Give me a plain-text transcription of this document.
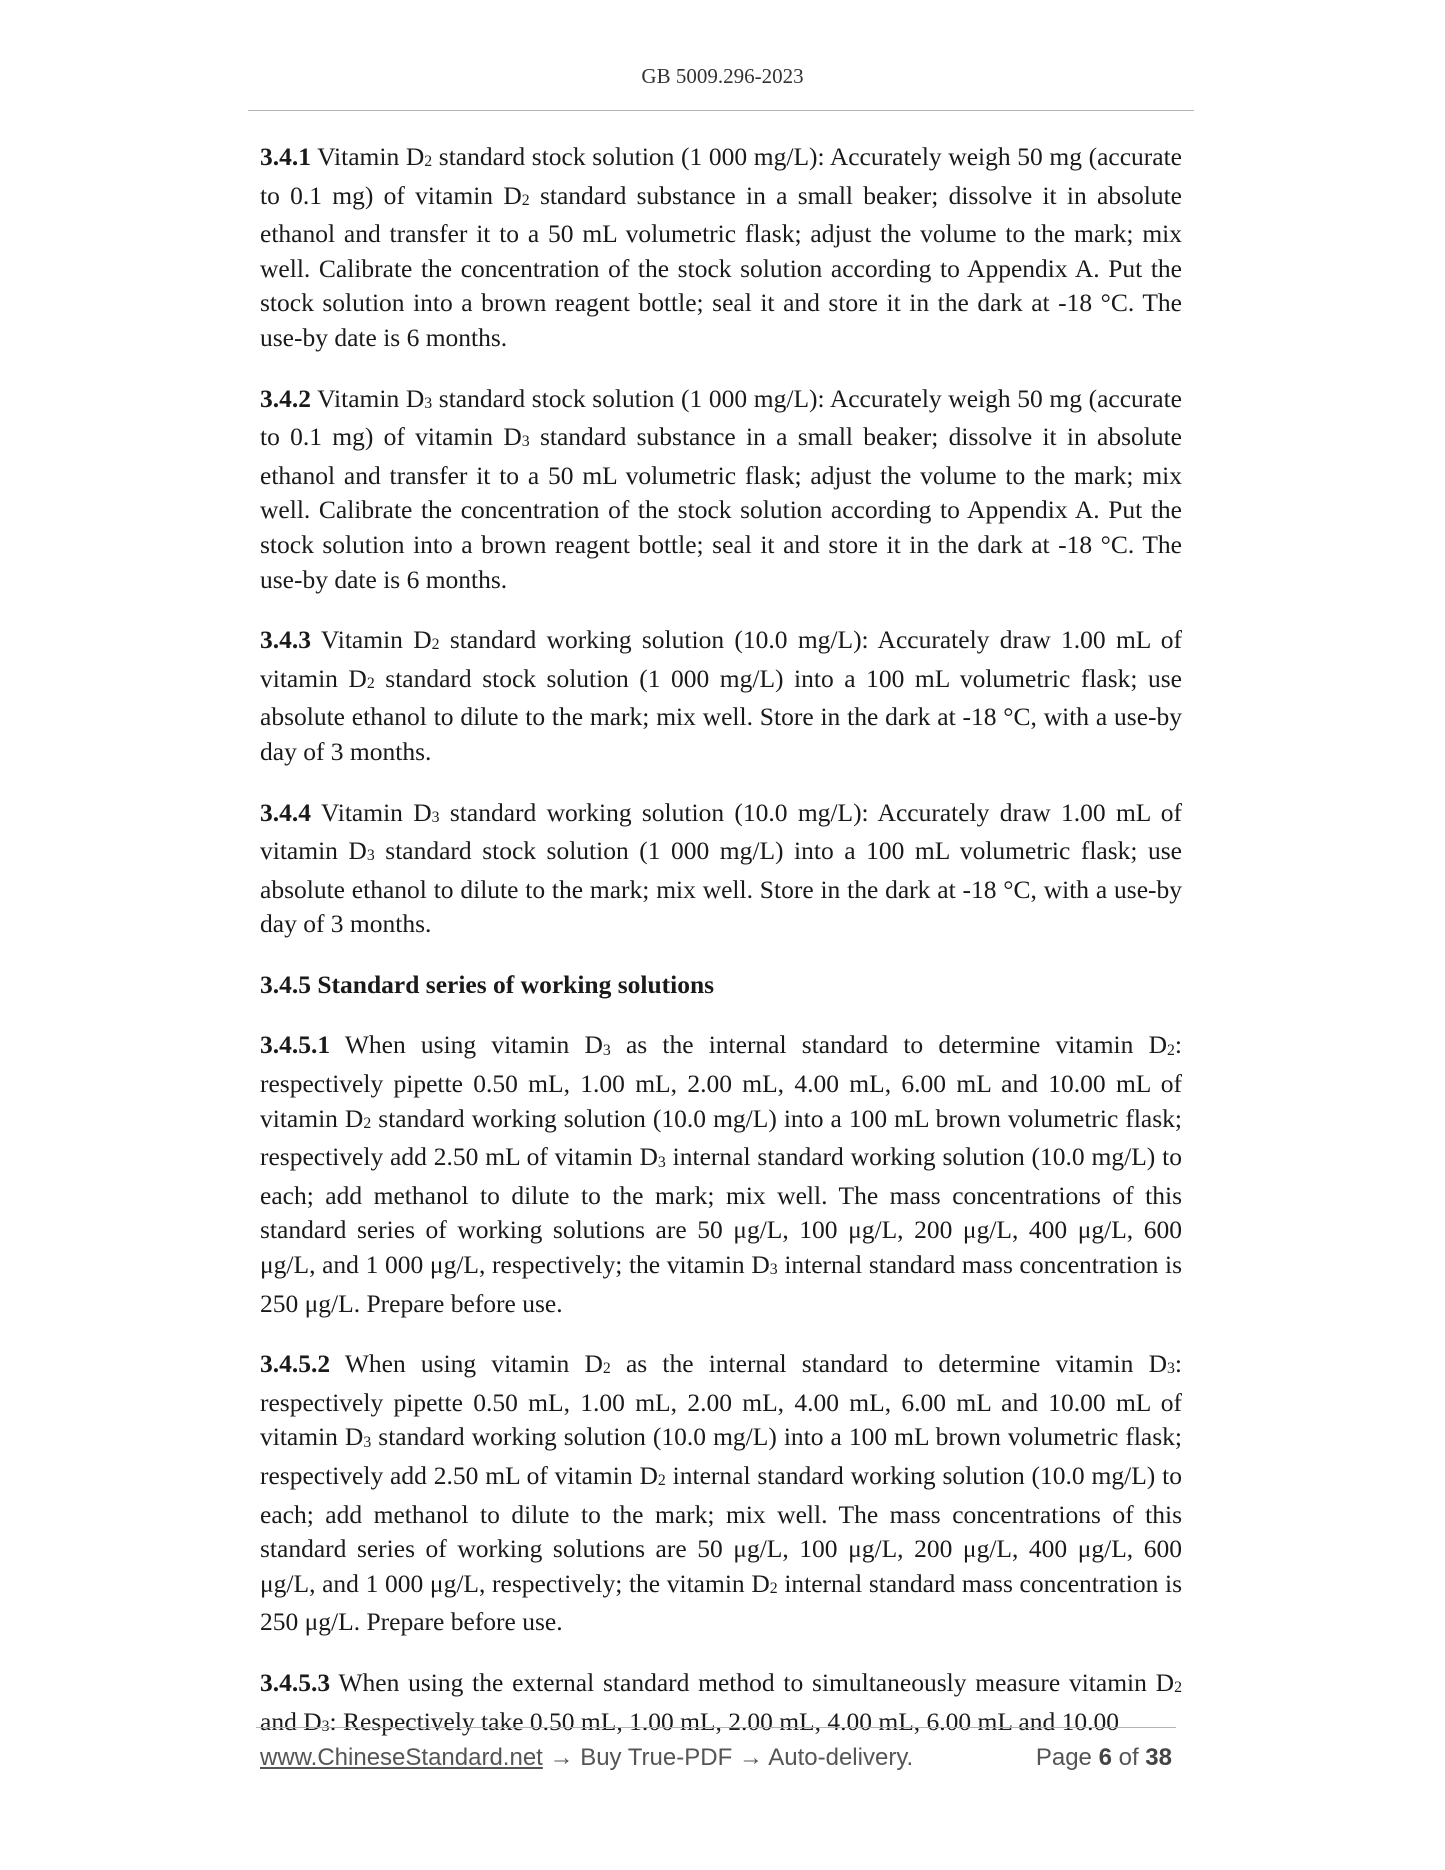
GB 5009.296-2023

3.4.1 Vitamin $D_2$ standard stock solution (1 000 mg/L): Accurately weigh 50 mg (accurate to 0.1 mg) of vitamin $D_2$ standard substance in a small beaker; dissolve it in absolute ethanol and transfer it to a 50 mL volumetric flask; adjust the volume to the mark; mix well. Calibrate the concentration of the stock solution according to Appendix A. Put the stock solution into a brown reagent bottle; seal it and store it in the dark at -18 °C. The use-by date is 6 months.

3.4.2 Vitamin $D_3$ standard stock solution (1 000 mg/L): Accurately weigh 50 mg (accurate to 0.1 mg) of vitamin $D_3$ standard substance in a small beaker; dissolve it in absolute ethanol and transfer it to a 50 mL volumetric flask; adjust the volume to the mark; mix well. Calibrate the concentration of the stock solution according to Appendix A. Put the stock solution into a brown reagent bottle; seal it and store it in the dark at -18 °C. The use-by date is 6 months.

3.4.3 Vitamin $D_2$ standard working solution (10.0 mg/L): Accurately draw 1.00 mL of vitamin $D_2$ standard stock solution (1 000 mg/L) into a 100 mL volumetric flask; use absolute ethanol to dilute to the mark; mix well. Store in the dark at -18 °C, with a use-by day of 3 months.

3.4.4 Vitamin $D_3$ standard working solution (10.0 mg/L): Accurately draw 1.00 mL of vitamin $D_3$ standard stock solution (1 000 mg/L) into a 100 mL volumetric flask; use absolute ethanol to dilute to the mark; mix well. Store in the dark at -18 °C, with a use-by day of 3 months.

3.4.5 Standard series of working solutions

3.4.5.1 When using vitamin $D_3$ as the internal standard to determine vitamin $D_2$: respectively pipette 0.50 mL, 1.00 mL, 2.00 mL, 4.00 mL, 6.00 mL and 10.00 mL of vitamin $D_2$ standard working solution (10.0 mg/L) into a 100 mL brown volumetric flask; respectively add 2.50 mL of vitamin $D_3$ internal standard working solution (10.0 mg/L) to each; add methanol to dilute to the mark; mix well. The mass concentrations of this standard series of working solutions are 50 μg/L, 100 μg/L, 200 μg/L, 400 μg/L, 600 μg/L, and 1 000 μg/L, respectively; the vitamin $D_3$ internal standard mass concentration is 250 μg/L. Prepare before use.

3.4.5.2 When using vitamin $D_2$ as the internal standard to determine vitamin $D_3$: respectively pipette 0.50 mL, 1.00 mL, 2.00 mL, 4.00 mL, 6.00 mL and 10.00 mL of vitamin $D_3$ standard working solution (10.0 mg/L) into a 100 mL brown volumetric flask; respectively add 2.50 mL of vitamin $D_2$ internal standard working solution (10.0 mg/L) to each; add methanol to dilute to the mark; mix well. The mass concentrations of this standard series of working solutions are 50 μg/L, 100 μg/L, 200 μg/L, 400 μg/L, 600 μg/L, and 1 000 μg/L, respectively; the vitamin $D_2$ internal standard mass concentration is 250 μg/L. Prepare before use.

3.4.5.3 When using the external standard method to simultaneously measure vitamin $D_2$ and $D_3$: Respectively take 0.50 mL, 1.00 mL, 2.00 mL, 4.00 mL, 6.00 mL and 10.00

www.ChineseStandard.net → Buy True-PDF → Auto-delivery.	Page 6 of 38
